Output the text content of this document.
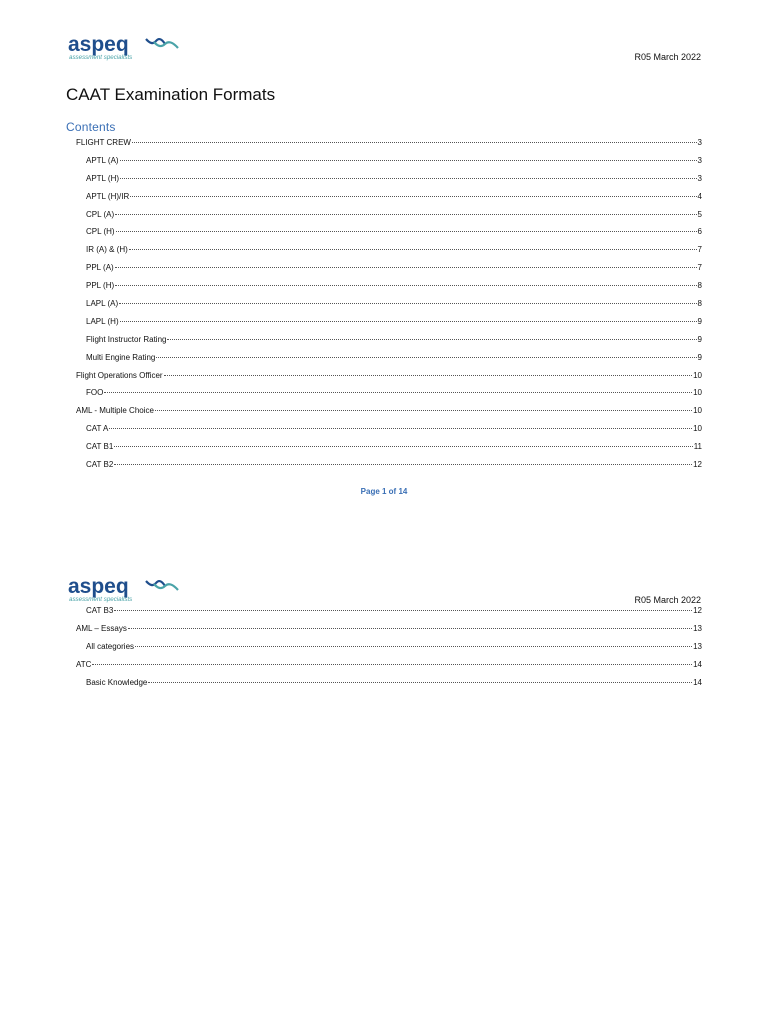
aspeq
assessment specialists	R05 March 2022
CAAT Examination Formats
Contents
FLIGHT CREW	3
APTL (A)	3
APTL (H)	3
APTL (H)/IR	4
CPL (A)	5
CPL (H)	6
IR (A) & (H)	7
PPL (A)	7
PPL (H)	8
LAPL (A)	8
LAPL (H)	9
Flight Instructor Rating	9
Multi Engine Rating	9
Flight Operations Officer	10
FOO	10
AML - Multiple Choice	10
CAT A	10
CAT B1	11
CAT B2	12
Page 1 of 14
aspeq
assessment specialists	R05 March 2022
CAT B3	12
AML – Essays	13
All categories	13
ATC	14
Basic Knowledge	14
